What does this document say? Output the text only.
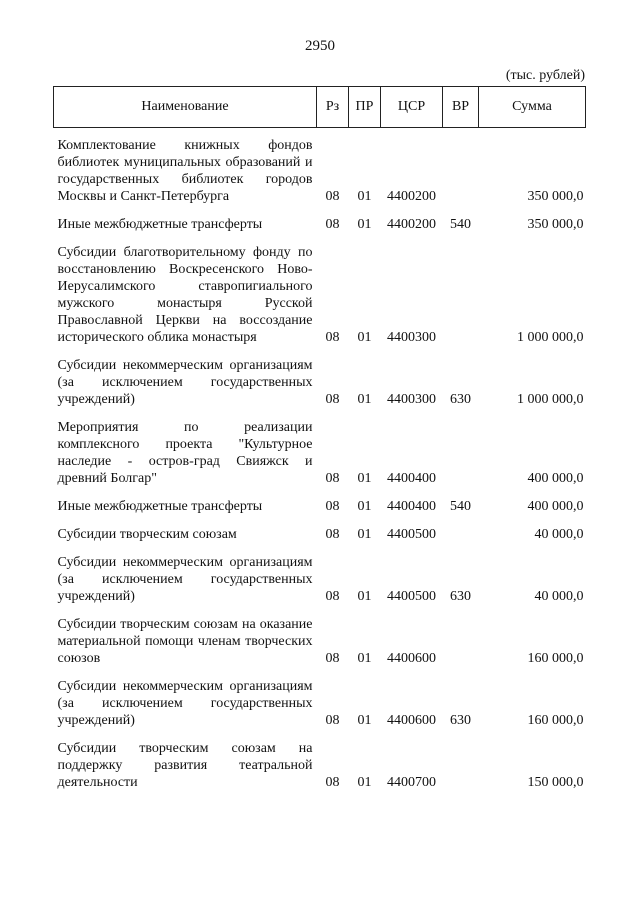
2950
(тыс. рублей)
Наименование	Рз	ПР	ЦСР	ВР	Сумма
Комплектование книжных фондов библиотек муниципальных образований и государственных библиотек городов Москвы и Санкт-Петербурга	08	01	4400200		350 000,0
Иные межбюджетные трансферты	08	01	4400200	540	350 000,0
Субсидии благотворительному фонду по восстановлению Воскресенского Ново-Иерусалимского ставропигиального мужского монастыря Русской Православной Церкви на воссоздание исторического облика монастыря	08	01	4400300		1 000 000,0
Субсидии некоммерческим организациям (за исключением государственных учреждений)	08	01	4400300	630	1 000 000,0
Мероприятия по реализации комплексного проекта "Культурное наследие - остров-град Свияжск и древний Болгар"	08	01	4400400		400 000,0
Иные межбюджетные трансферты	08	01	4400400	540	400 000,0
Субсидии творческим союзам	08	01	4400500		40 000,0
Субсидии некоммерческим организациям (за исключением государственных учреждений)	08	01	4400500	630	40 000,0
Субсидии творческим союзам на оказание материальной помощи членам творческих союзов	08	01	4400600		160 000,0
Субсидии некоммерческим организациям (за исключением государственных учреждений)	08	01	4400600	630	160 000,0
Субсидии творческим союзам на поддержку развития театральной деятельности	08	01	4400700		150 000,0
